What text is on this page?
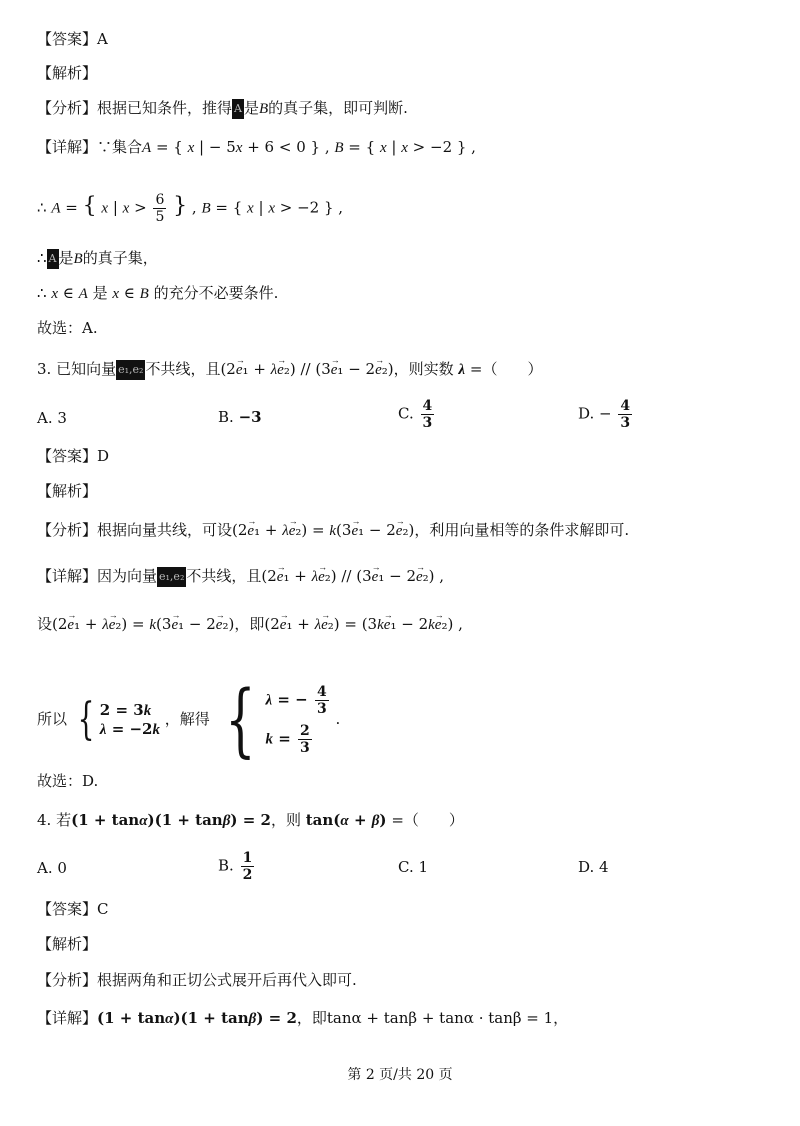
【答案】A
【解析】
【分析】根据已知条件，推得 A 是B的真子集，即可判断.
【详解】∵集合A = { x | − 5x + 6 < 0 } , B = { x | x > −2 } ,
∴ A = { x | $x > \frac{6}{5}$ } , B = { x | x > −2 } ,
∴ A 是B的真子集，
∴ x ∈ A 是 x ∈ B 的充分不必要条件.
故选：A.
3. 已知向量 e₁,e₂ 不共线，且(2→ e₁ + λ→ e₂) // (3→ e₁ − 2→ e₂)，则实数 λ =（　　）
A. 3	B. −3	C. $\frac{4}{3}$	D. − $\frac{4}{3}$
【答案】D
【解析】
【分析】根据向量共线，可设(2→ e₁ + λ→ e₂) = k(3→ e₁ − 2→ e₂)，利用向量相等的条件求解即可.
【详解】因为向量 e₁,e₂ 不共线，且(2→ e₁ + λ→ e₂) // (3→ e₁ − 2→ e₂) ,
设(2→ e₁ + λ→ e₂) = k(3→ e₁ − 2→ e₂)，即(2→ e₁ + λ→ e₂) = (3k→ e₁ − 2k→ e₂) ,
所以 { 2 = 3k
λ = −2k
，解得 { λ = − $\frac{4}{3}$
$k = \frac{2}{3}$
.
故选：D.
4. 若(1 + tanα)(1 + tanβ) = 2，则 tan(α + β) =（　　）
A. 0	B. $\frac{1}{2}$	C. 1	D. 4
【答案】C
【解析】
【分析】根据两角和正切公式展开后再代入即可.
【详解】(1 + tanα)(1 + tanβ) = 2，即tanα + tanβ + tanα · tanβ = 1，
第 2 页/共 20 页
